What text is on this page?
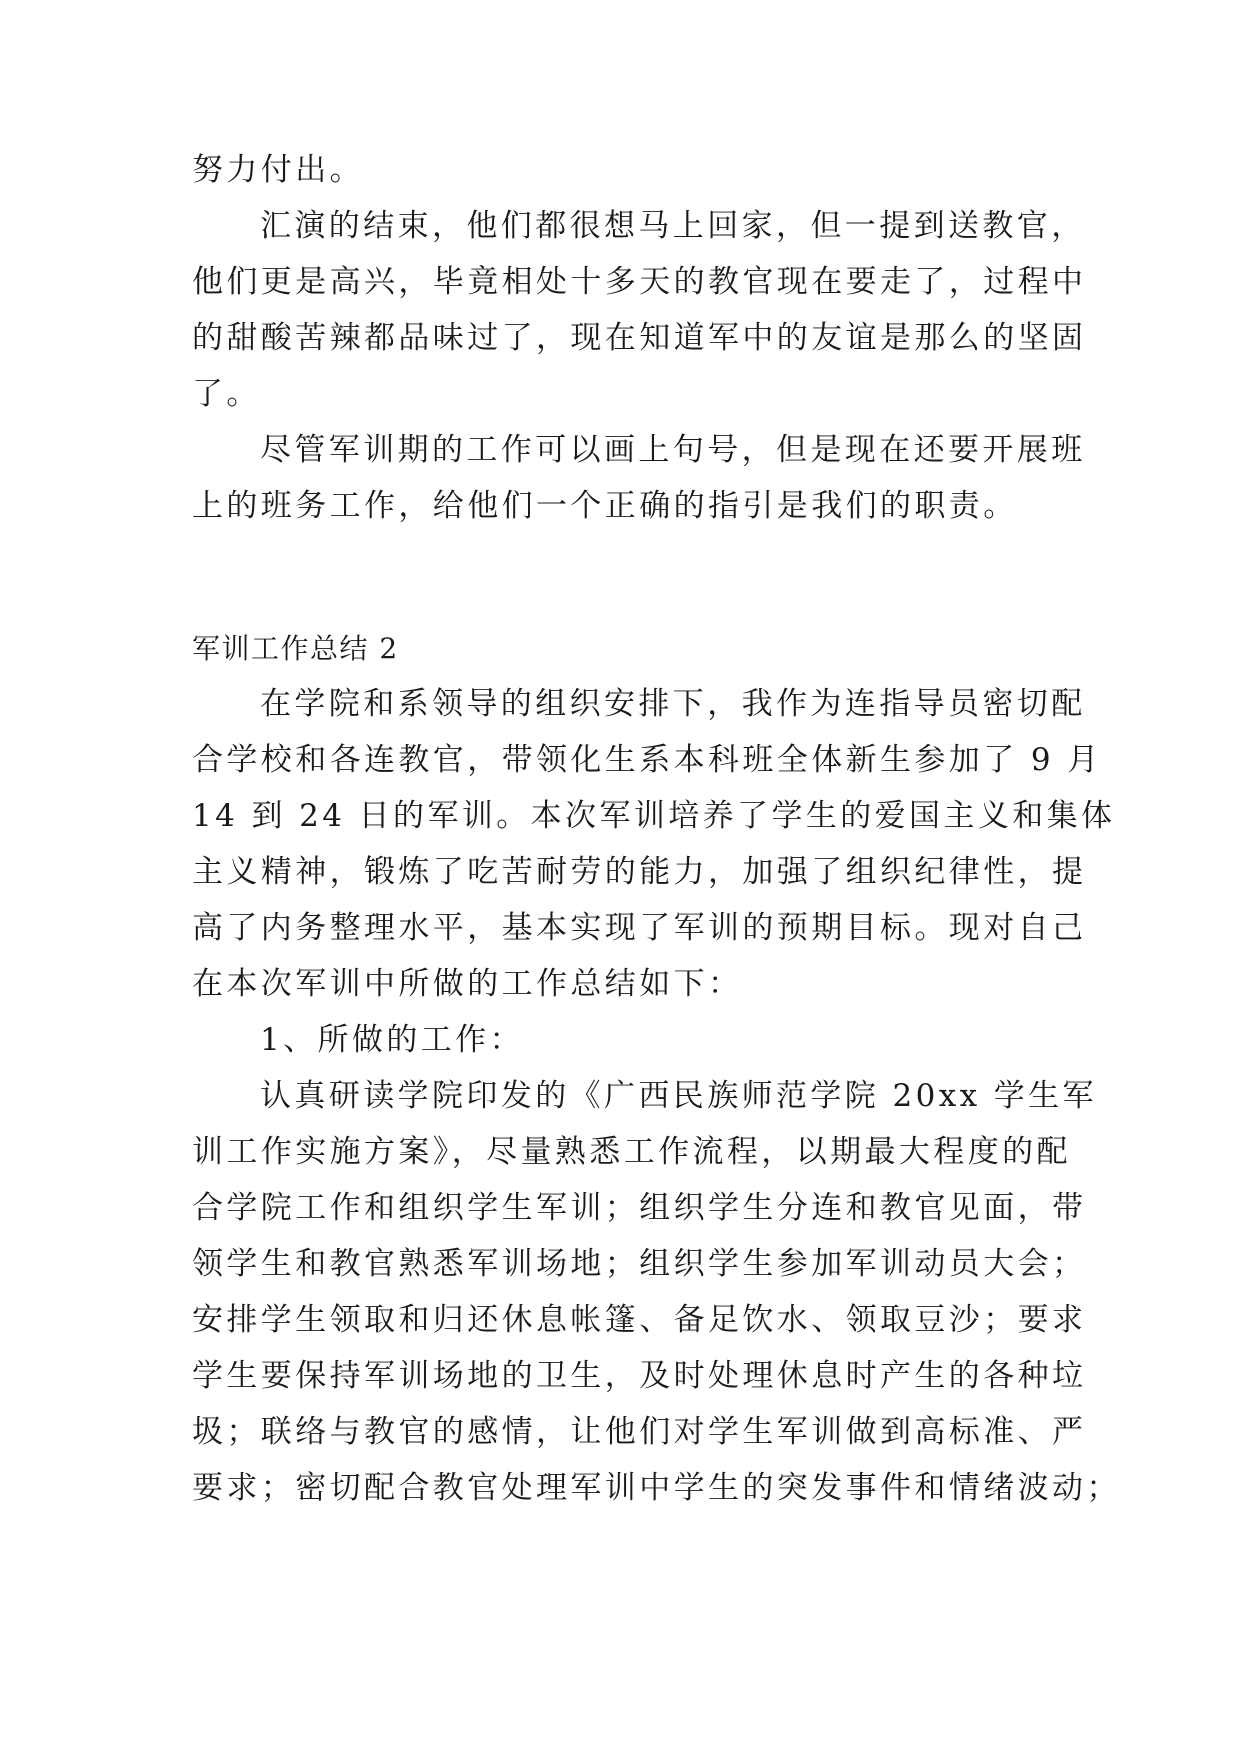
努力付出。
汇演的结束，他们都很想马上回家，但一提到送教官，
他们更是高兴，毕竟相处十多天的教官现在要走了，过程中
的甜酸苦辣都品味过了，现在知道军中的友谊是那么的坚固
了。
尽管军训期的工作可以画上句号，但是现在还要开展班
上的班务工作，给他们一个正确的指引是我们的职责。
军训工作总结 2
在学院和系领导的组织安排下，我作为连指导员密切配
合学校和各连教官，带领化生系本科班全体新生参加了 9 月
14 到 24 日的军训。本次军训培养了学生的爱国主义和集体
主义精神，锻炼了吃苦耐劳的能力，加强了组织纪律性，提
高了内务整理水平，基本实现了军训的预期目标。现对自己
在本次军训中所做的工作总结如下：
1、所做的工作：
认真研读学院印发的《广西民族师范学院 20xx 学生军
训工作实施方案》，尽量熟悉工作流程，以期最大程度的配
合学院工作和组织学生军训；组织学生分连和教官见面，带
领学生和教官熟悉军训场地；组织学生参加军训动员大会；
安排学生领取和归还休息帐篷、备足饮水、领取豆沙；要求
学生要保持军训场地的卫生，及时处理休息时产生的各种垃
圾；联络与教官的感情，让他们对学生军训做到高标准、严
要求；密切配合教官处理军训中学生的突发事件和情绪波动；
